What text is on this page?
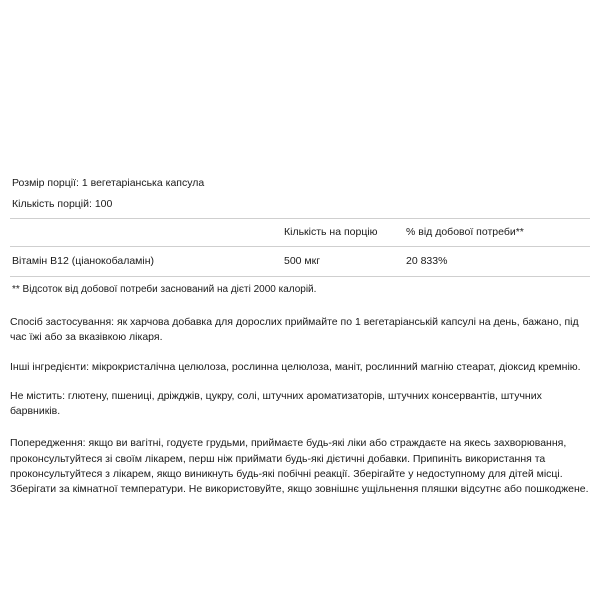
Розмір порції: 1 вегетаріанська капсула		
Кількість порцій: 100		
	Кількість на порцію	% від добової потреби**
Вітамін B12 (ціанокобаламін)	500 мкг	20 833%
** Відсоток від добової потреби заснований на дієті 2000 калорій.		

Спосіб застосування: як харчова добавка для дорослих приймайте по 1 вегетаріанській капсулі на день, бажано, під час їжі або за вказівкою лікаря.

Інші інгредієнти: мікрокристалічна целюлоза, рослинна целюлоза, маніт, рослинний магнію стеарат, діоксид кремнію.

Не містить: глютену, пшениці, дріжджів, цукру, солі, штучних ароматизаторів, штучних консервантів, штучних барвників.

Попередження: якщо ви вагітні, годуєте грудьми, приймаєте будь-які ліки або страждаєте на якесь захворювання, проконсультуйтеся зі своїм лікарем, перш ніж приймати будь-які дієтичні добавки. Припиніть використання та проконсультуйтеся з лікарем, якщо виникнуть будь-які побічні реакції. Зберігайте у недоступному для дітей місці. Зберігати за кімнатної температури. Не використовуйте, якщо зовнішнє ущільнення пляшки відсутнє або пошкоджене.
